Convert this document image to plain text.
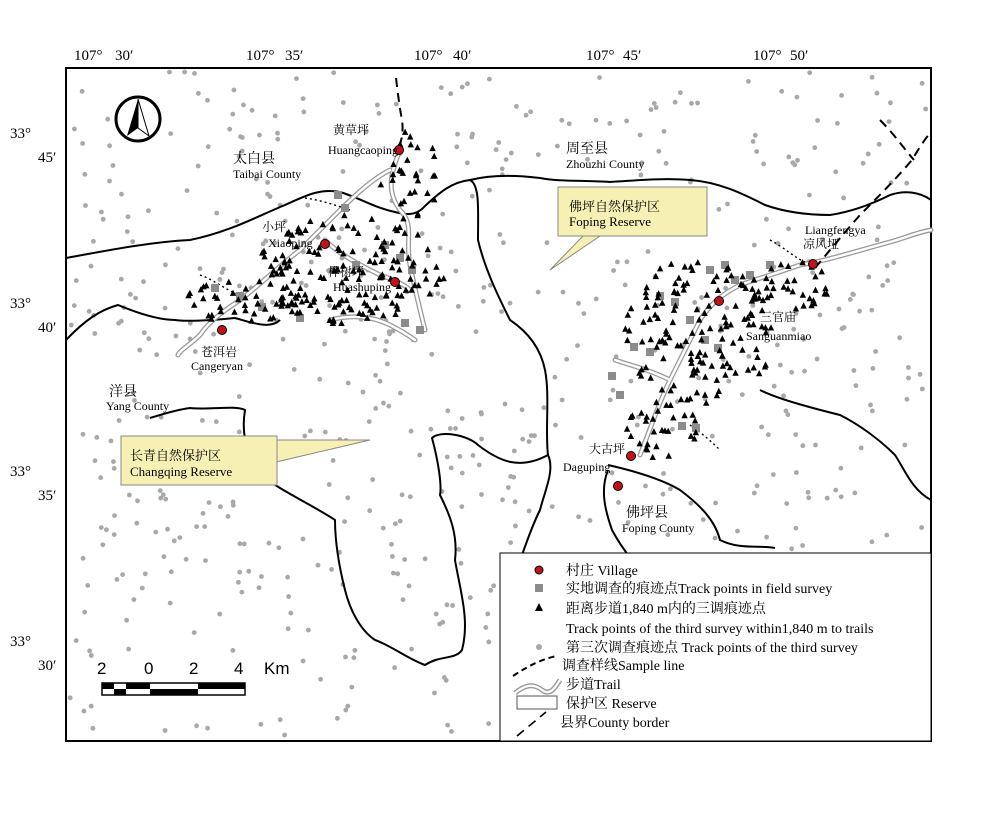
107° 30′	107° 35′	107° 40′	107° 45′	107° 50′
33°
45′
33°
40′
33°
35′
33°
30′
太白县
Taibai County
周至县
Zhouzhi County
洋县
Yang County
佛坪县
Foping County
黄草坪
Huangcaoping
小坪
Xiaoping
桦树坪
Huashuping
苍洱岩
Cangeryan
Liangfengya
凉风垭
三官庙
Sanguanmiao
大古坪
Daguping
佛坪自然保护区
Foping Reserve
长青自然保护区
Changqing Reserve
2 0 2 4 Km
村庄 Village
实地调查的痕迹点Track points in field survey
距离步道1,840 m内的三调痕迹点
Track points of the third survey within1,840 m to trails
第三次调查痕迹点 Track points of the third survey
调查样线Sample line
步道Trail
保护区 Reserve
县界County border
